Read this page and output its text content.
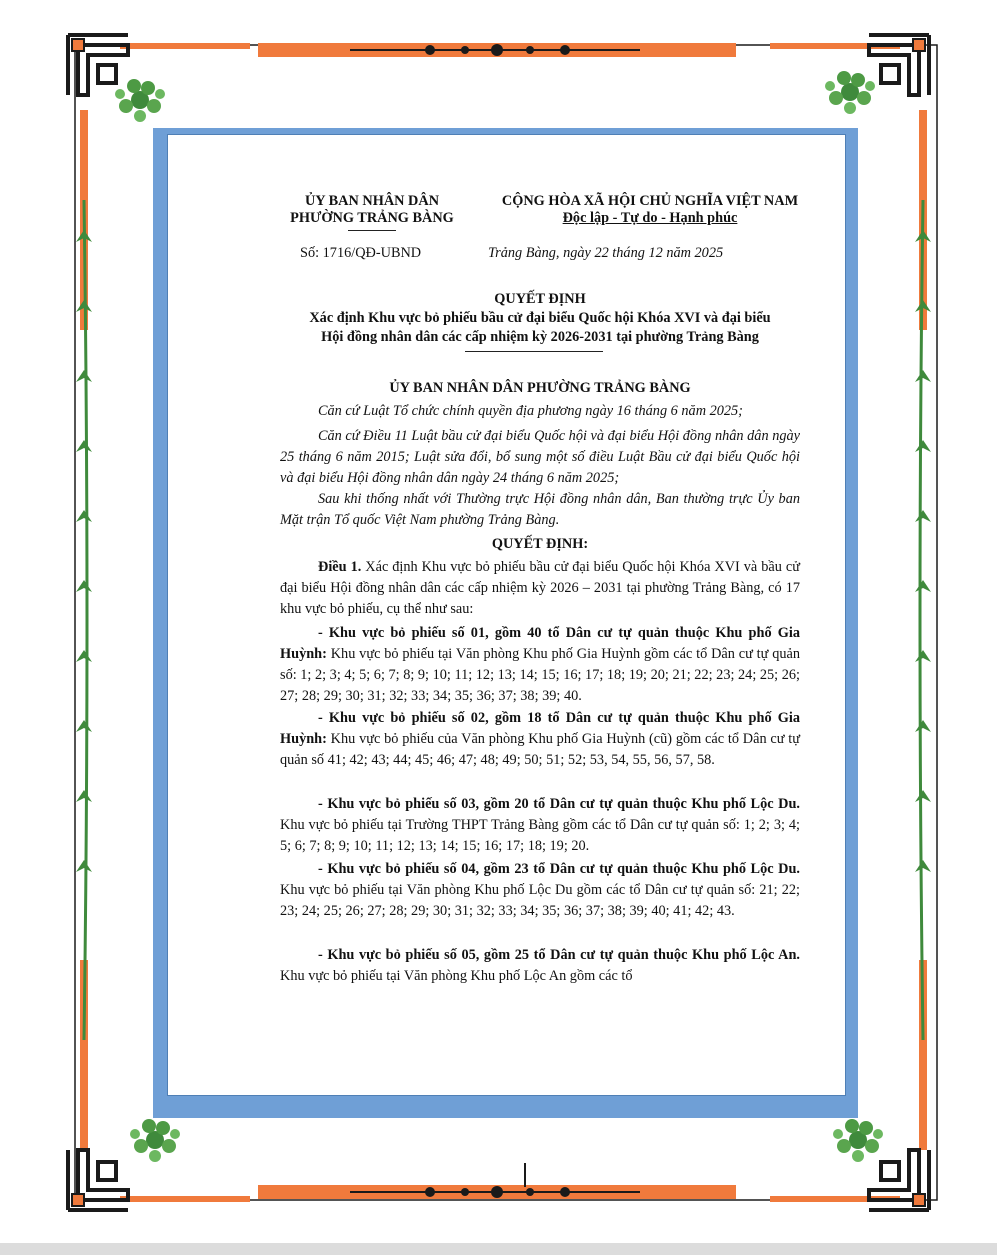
ỦY BAN NHÂN DÂN
PHƯỜNG TRẢNG BÀNG
CỘNG HÒA XÃ HỘI CHỦ NGHĨA VIỆT NAM
Độc lập - Tự do - Hạnh phúc
Số: 1716/QĐ-UBND	Trảng Bàng, ngày 22 tháng 12 năm 2025
QUYẾT ĐỊNH
Xác định Khu vực bỏ phiếu bầu cử đại biểu Quốc hội Khóa XVI và đại biểu
Hội đồng nhân dân các cấp nhiệm kỳ 2026-2031 tại phường Trảng Bàng
ỦY BAN NHÂN DÂN PHƯỜNG TRẢNG BÀNG
Căn cứ Luật Tổ chức chính quyền địa phương ngày 16 tháng 6 năm 2025;
Căn cứ Điều 11 Luật bầu cử đại biểu Quốc hội và đại biểu Hội đồng nhân dân ngày 25 tháng 6 năm 2015; Luật sửa đổi, bổ sung một số điều Luật Bầu cử đại biểu Quốc hội và đại biểu Hội đồng nhân dân ngày 24 tháng 6 năm 2025;
Sau khi thống nhất với Thường trực Hội đồng nhân dân, Ban thường trực Ủy ban Mặt trận Tổ quốc Việt Nam phường Trảng Bàng.
QUYẾT ĐỊNH:
Điều 1. Xác định Khu vực bỏ phiếu bầu cử đại biểu Quốc hội Khóa XVI và bầu cử đại biểu Hội đồng nhân dân các cấp nhiệm kỳ 2026 – 2031 tại phường Trảng Bàng, có 17 khu vực bỏ phiếu, cụ thể như sau:
- Khu vực bỏ phiếu số 01, gồm 40 tổ Dân cư tự quản thuộc Khu phố Gia Huỳnh: Khu vực bỏ phiếu tại Văn phòng Khu phố Gia Huỳnh gồm các tổ Dân cư tự quản số: 1; 2; 3; 4; 5; 6; 7; 8; 9; 10; 11; 12; 13; 14; 15; 16; 17; 18; 19; 20; 21; 22; 23; 24; 25; 26; 27; 28; 29; 30; 31; 32; 33; 34; 35; 36; 37; 38; 39; 40.
- Khu vực bỏ phiếu số 02, gồm 18 tổ Dân cư tự quản thuộc Khu phố Gia Huỳnh: Khu vực bỏ phiếu của Văn phòng Khu phố Gia Huỳnh (cũ) gồm các tổ Dân cư tự quản số 41; 42; 43; 44; 45; 46; 47; 48; 49; 50; 51; 52; 53, 54, 55, 56, 57, 58.
- Khu vực bỏ phiếu số 03, gồm 20 tổ Dân cư tự quản thuộc Khu phố Lộc Du. Khu vực bỏ phiếu tại Trường THPT Trảng Bàng gồm các tổ Dân cư tự quản số: 1; 2; 3; 4; 5; 6; 7; 8; 9; 10; 11; 12; 13; 14; 15; 16; 17; 18; 19; 20.
- Khu vực bỏ phiếu số 04, gồm 23 tổ Dân cư tự quản thuộc Khu phố Lộc Du. Khu vực bỏ phiếu tại Văn phòng Khu phố Lộc Du gồm các tổ Dân cư tự quản số: 21; 22; 23; 24; 25; 26; 27; 28; 29; 30; 31; 32; 33; 34; 35; 36; 37; 38; 39; 40; 41; 42; 43.
- Khu vực bỏ phiếu số 05, gồm 25 tổ Dân cư tự quản thuộc Khu phố Lộc An. Khu vực bỏ phiếu tại Văn phòng Khu phố Lộc An gồm các tổ
